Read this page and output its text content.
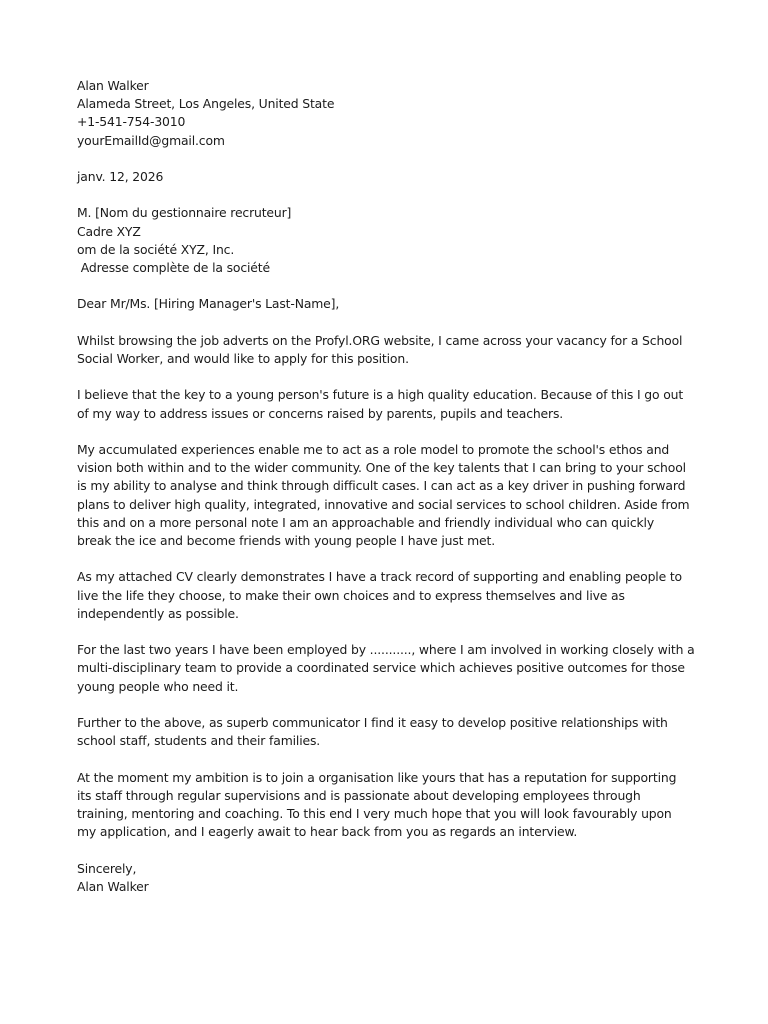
Alan Walker
Alameda Street, Los Angeles, United State
+1-541-754-3010
yourEmailId@gmail.com
janv. 12, 2026
M. [Nom du gestionnaire recruteur]
Cadre XYZ
om de la société XYZ, Inc.
Adresse complète de la société
Dear Mr/Ms. [Hiring Manager's Last-Name],
Whilst browsing the job adverts on the Profyl.ORG website, I came across your vacancy for a School
Social Worker, and would like to apply for this position.
I believe that the key to a young person's future is a high quality education. Because of this I go out
of my way to address issues or concerns raised by parents, pupils and teachers.
My accumulated experiences enable me to act as a role model to promote the school's ethos and
vision both within and to the wider community. One of the key talents that I can bring to your school
is my ability to analyse and think through difficult cases. I can act as a key driver in pushing forward
plans to deliver high quality, integrated, innovative and social services to school children. Aside from
this and on a more personal note I am an approachable and friendly individual who can quickly
break the ice and become friends with young people I have just met.
As my attached CV clearly demonstrates I have a track record of supporting and enabling people to
live the life they choose, to make their own choices and to express themselves and live as
independently as possible.
For the last two years I have been employed by ..........., where I am involved in working closely with a
multi-disciplinary team to provide a coordinated service which achieves positive outcomes for those
young people who need it.
Further to the above, as superb communicator I find it easy to develop positive relationships with
school staff, students and their families.
At the moment my ambition is to join a organisation like yours that has a reputation for supporting
its staff through regular supervisions and is passionate about developing employees through
training, mentoring and coaching. To this end I very much hope that you will look favourably upon
my application, and I eagerly await to hear back from you as regards an interview.
Sincerely,
Alan Walker
